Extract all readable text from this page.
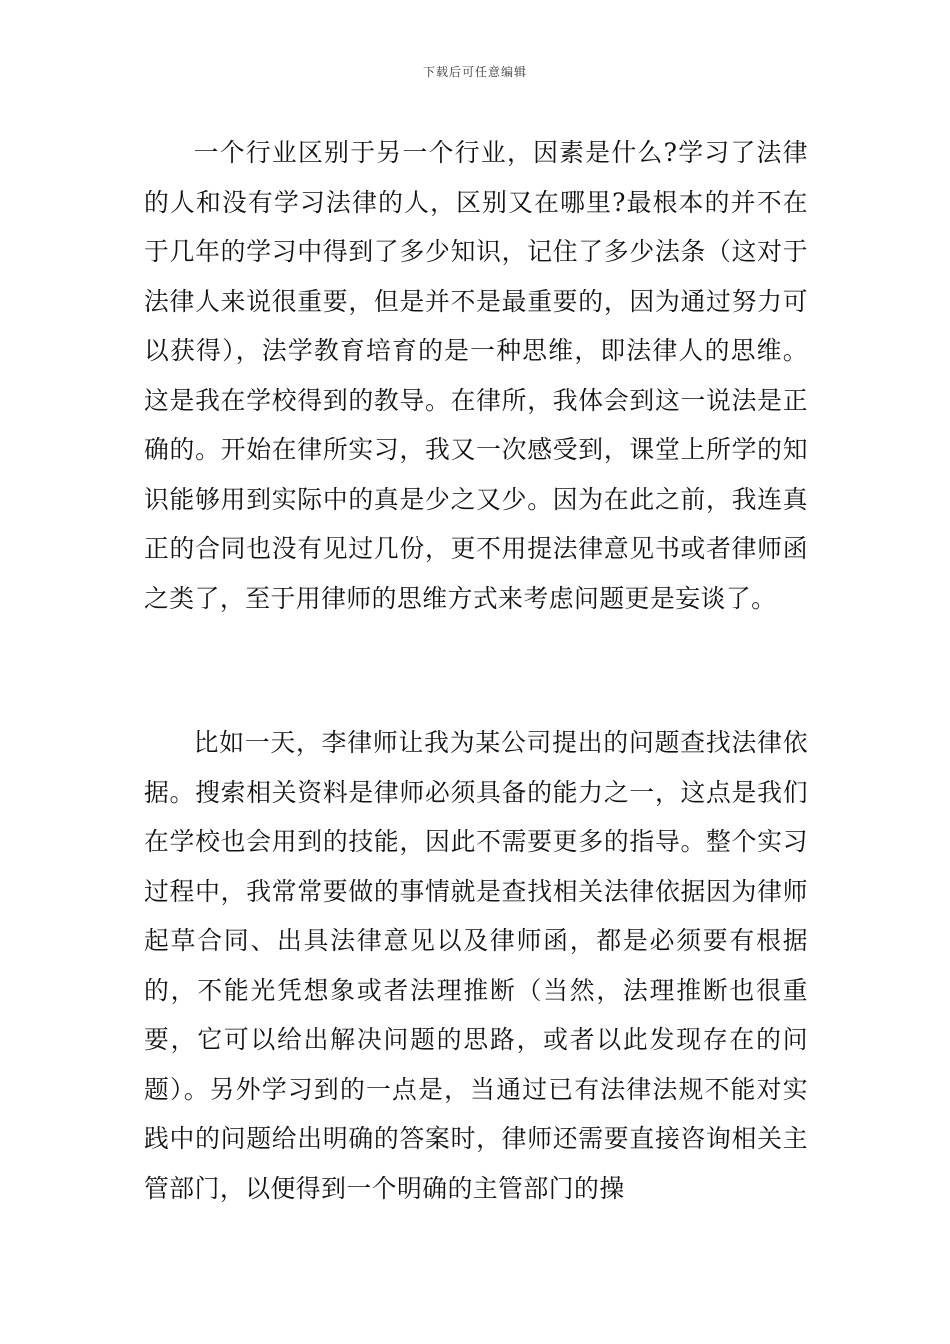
下载后可任意编辑

一个行业区别于另一个行业，因素是什么?学习了法律的人和没有学习法律的人，区别又在哪里?最根本的并不在于几年的学习中得到了多少知识，记住了多少法条（这对于法律人来说很重要，但是并不是最重要的，因为通过努力可以获得），法学教育培育的是一种思维，即法律人的思维。这是我在学校得到的教导。在律所，我体会到这一说法是正确的。开始在律所实习，我又一次感受到，课堂上所学的知识能够用到实际中的真是少之又少。因为在此之前，我连真正的合同也没有见过几份，更不用提法律意见书或者律师函之类了，至于用律师的思维方式来考虑问题更是妄谈了。

比如一天，李律师让我为某公司提出的问题查找法律依据。搜索相关资料是律师必须具备的能力之一，这点是我们在学校也会用到的技能，因此不需要更多的指导。整个实习过程中，我常常要做的事情就是查找相关法律依据因为律师起草合同、出具法律意见以及律师函，都是必须要有根据的，不能光凭想象或者法理推断（当然，法理推断也很重要，它可以给出解决问题的思路，或者以此发现存在的问题）。另外学习到的一点是，当通过已有法律法规不能对实践中的问题给出明确的答案时，律师还需要直接咨询相关主管部门，以便得到一个明确的主管部门的操
